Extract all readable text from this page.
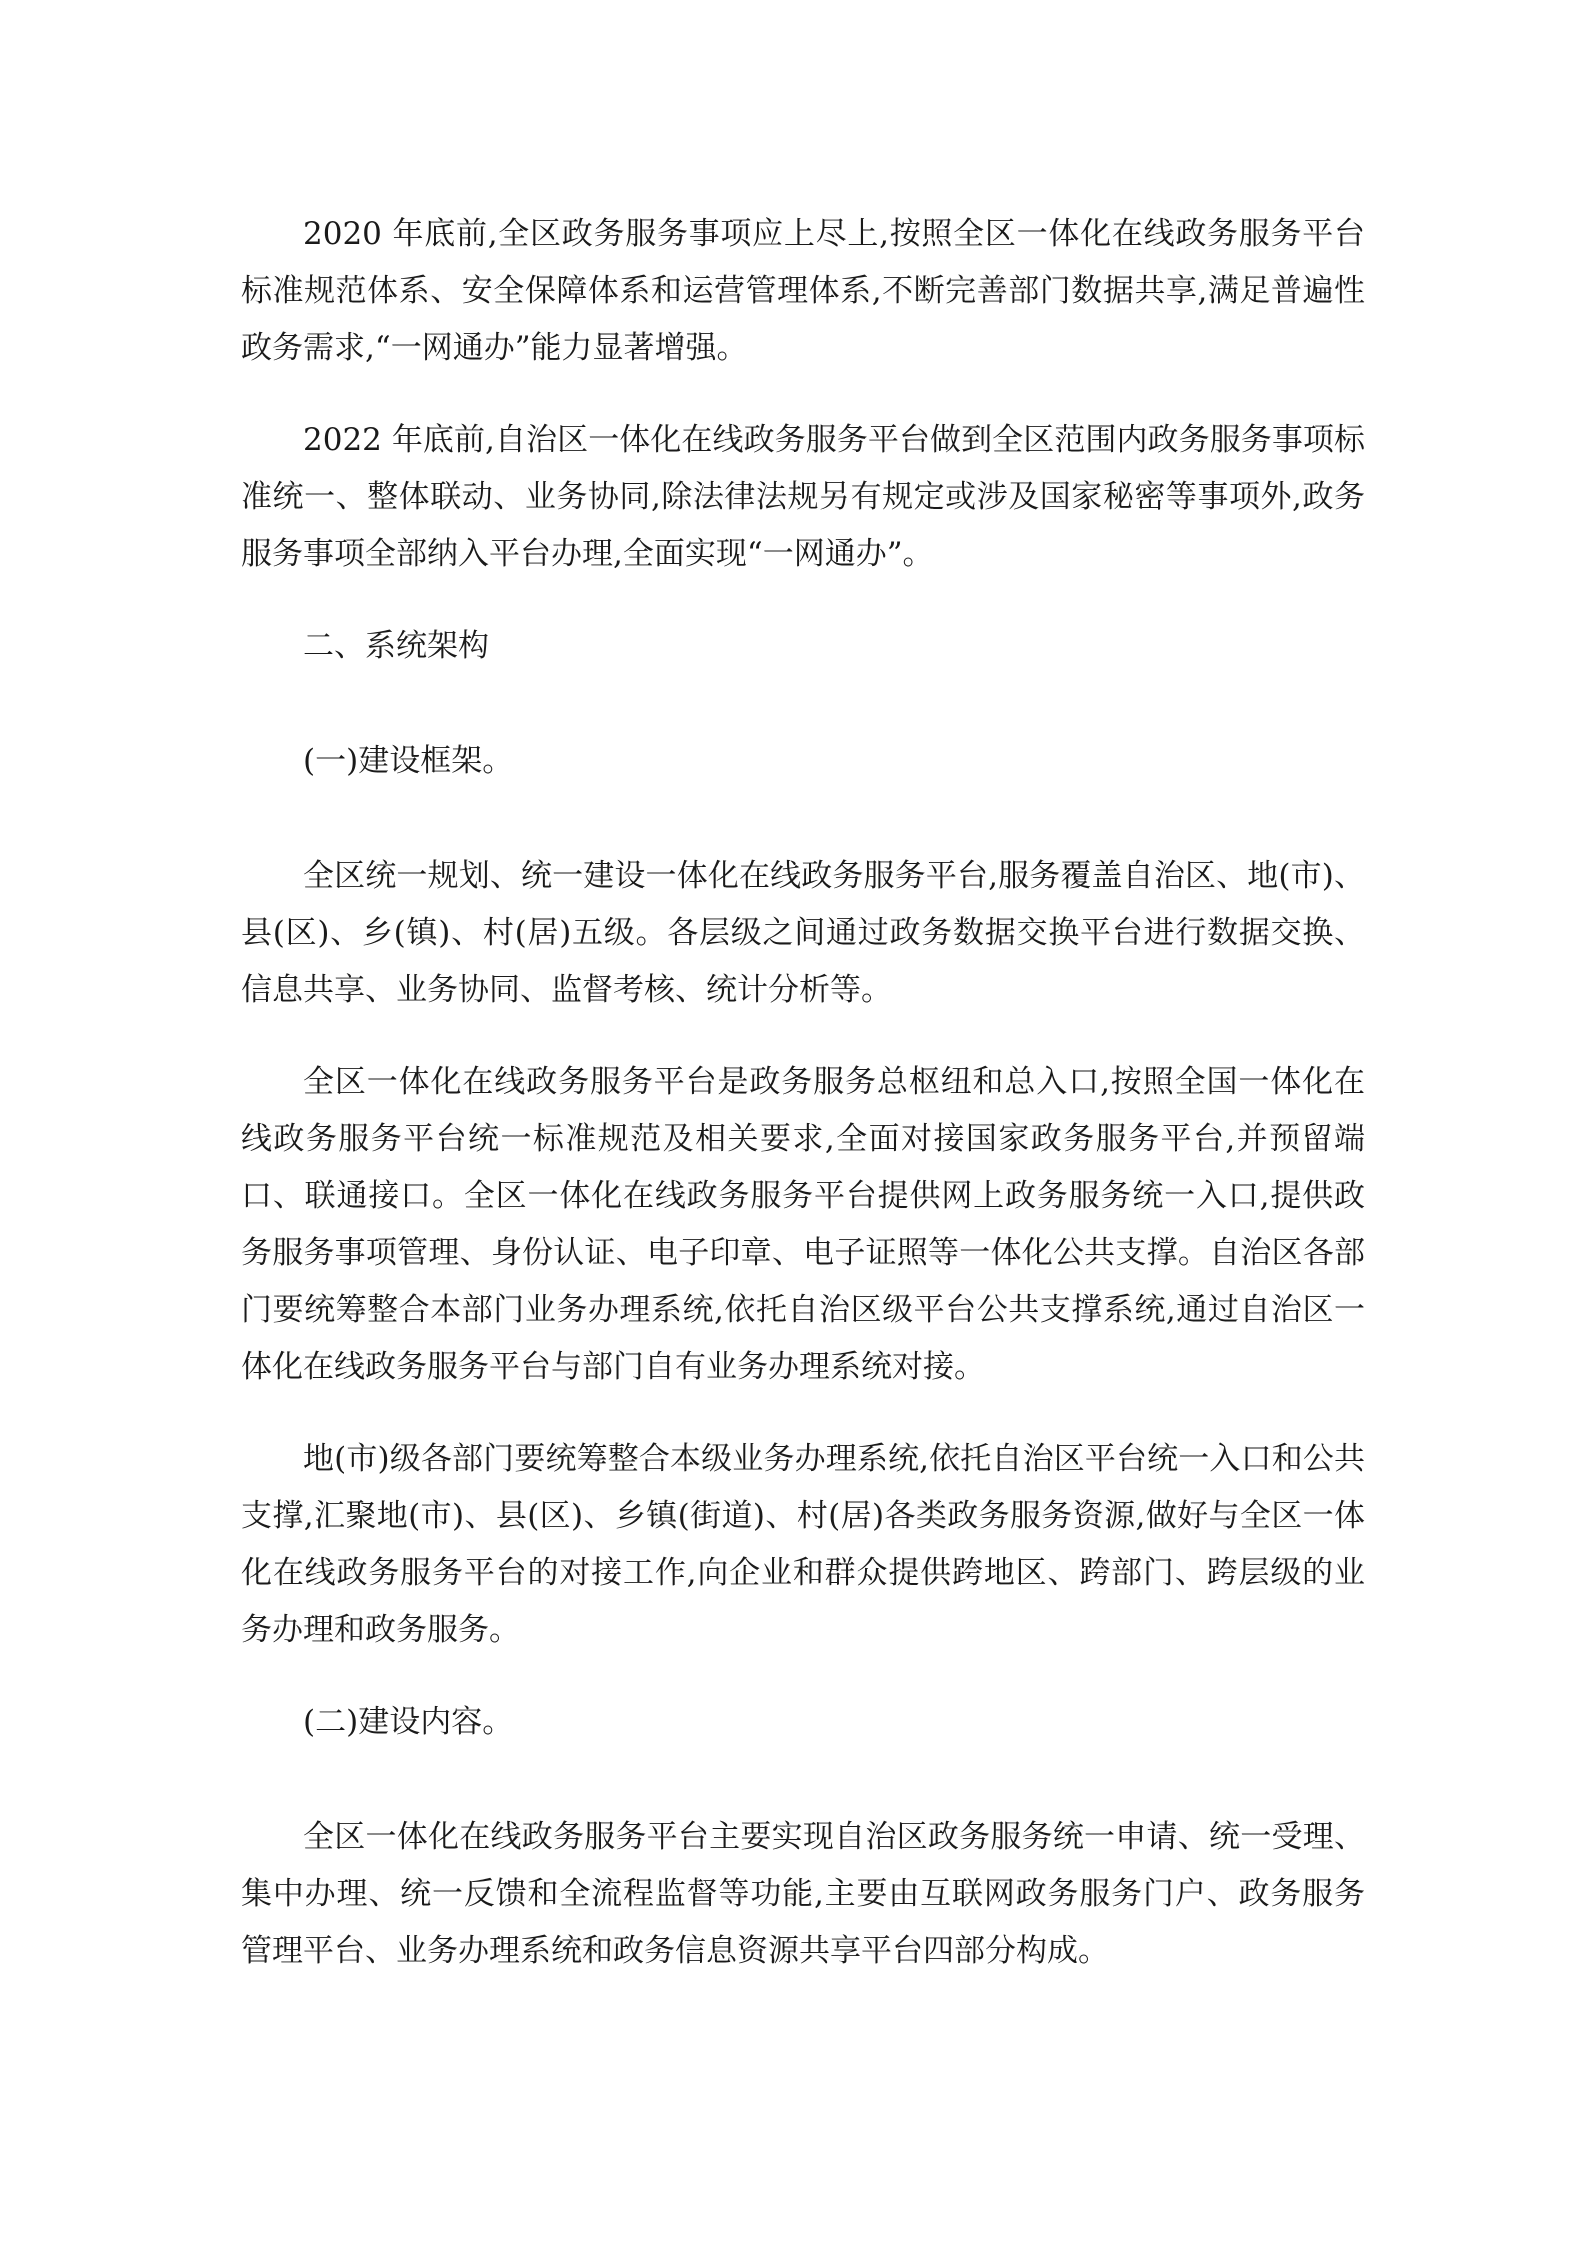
2020 年底前,全区政务服务事项应上尽上,按照全区一体化在线政务服务平台标准规范体系、安全保障体系和运营管理体系,不断完善部门数据共享,满足普遍性政务需求,“一网通办”能力显著增强。

2022 年底前,自治区一体化在线政务服务平台做到全区范围内政务服务事项标准统一、整体联动、业务协同,除法律法规另有规定或涉及国家秘密等事项外,政务服务事项全部纳入平台办理,全面实现“一网通办”。

二、系统架构

(一)建设框架。

全区统一规划、统一建设一体化在线政务服务平台,服务覆盖自治区、地(市)、县(区)、乡(镇)、村(居)五级。各层级之间通过政务数据交换平台进行数据交换、信息共享、业务协同、监督考核、统计分析等。

全区一体化在线政务服务平台是政务服务总枢纽和总入口,按照全国一体化在线政务服务平台统一标准规范及相关要求,全面对接国家政务服务平台,并预留端口、联通接口。全区一体化在线政务服务平台提供网上政务服务统一入口,提供政务服务事项管理、身份认证、电子印章、电子证照等一体化公共支撑。自治区各部门要统筹整合本部门业务办理系统,依托自治区级平台公共支撑系统,通过自治区一体化在线政务服务平台与部门自有业务办理系统对接。

地(市)级各部门要统筹整合本级业务办理系统,依托自治区平台统一入口和公共支撑,汇聚地(市)、县(区)、乡镇(街道)、村(居)各类政务服务资源,做好与全区一体化在线政务服务平台的对接工作,向企业和群众提供跨地区、跨部门、跨层级的业务办理和政务服务。

(二)建设内容。

全区一体化在线政务服务平台主要实现自治区政务服务统一申请、统一受理、集中办理、统一反馈和全流程监督等功能,主要由互联网政务服务门户、政务服务管理平台、业务办理系统和政务信息资源共享平台四部分构成。
